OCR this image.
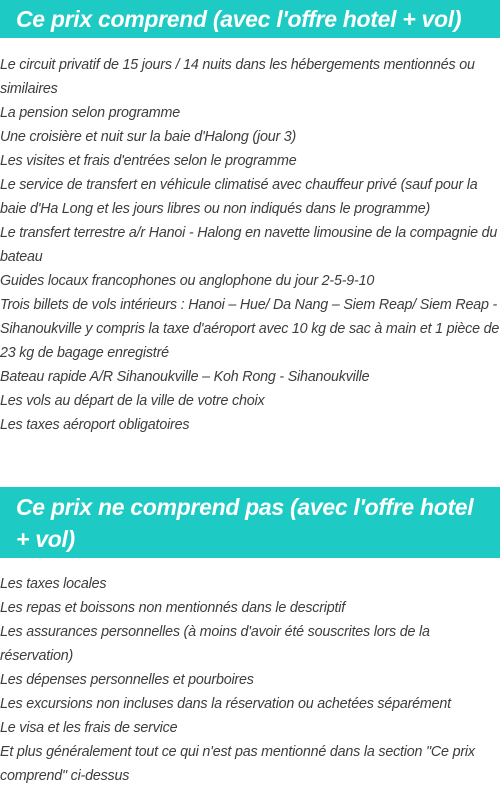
Ce prix comprend (avec l'offre hotel + vol)
Le circuit privatif de 15 jours / 14 nuits dans les hébergements mentionnés ou similaires
La pension selon programme
Une croisière et nuit sur la baie d'Halong (jour 3)
Les visites et frais d'entrées selon le programme
Le service de transfert en véhicule climatisé avec chauffeur privé (sauf pour la baie d'Ha Long et les jours libres ou non indiqués dans le programme)
Le transfert terrestre a/r Hanoi - Halong en navette limousine de la compagnie du bateau
Guides locaux francophones ou anglophone du jour 2-5-9-10
Trois billets de vols intérieurs : Hanoi – Hue/ Da Nang – Siem Reap/ Siem Reap - Sihanoukville y compris la taxe d'aéroport avec 10 kg de sac à main et 1 pièce de 23 kg de bagage enregistré
Bateau rapide A/R Sihanoukville – Koh Rong - Sihanoukville
Les vols au départ de la ville de votre choix
Les taxes aéroport obligatoires
Ce prix ne comprend pas (avec l'offre hotel + vol)
Les taxes locales
Les repas et boissons non mentionnés dans le descriptif
Les assurances personnelles (à moins d'avoir été souscrites lors de la réservation)
Les dépenses personnelles et pourboires
Les excursions non incluses dans la réservation ou achetées séparément
Le visa et les frais de service
Et plus généralement tout ce qui n'est pas mentionné dans la section "Ce prix comprend" ci-dessus
